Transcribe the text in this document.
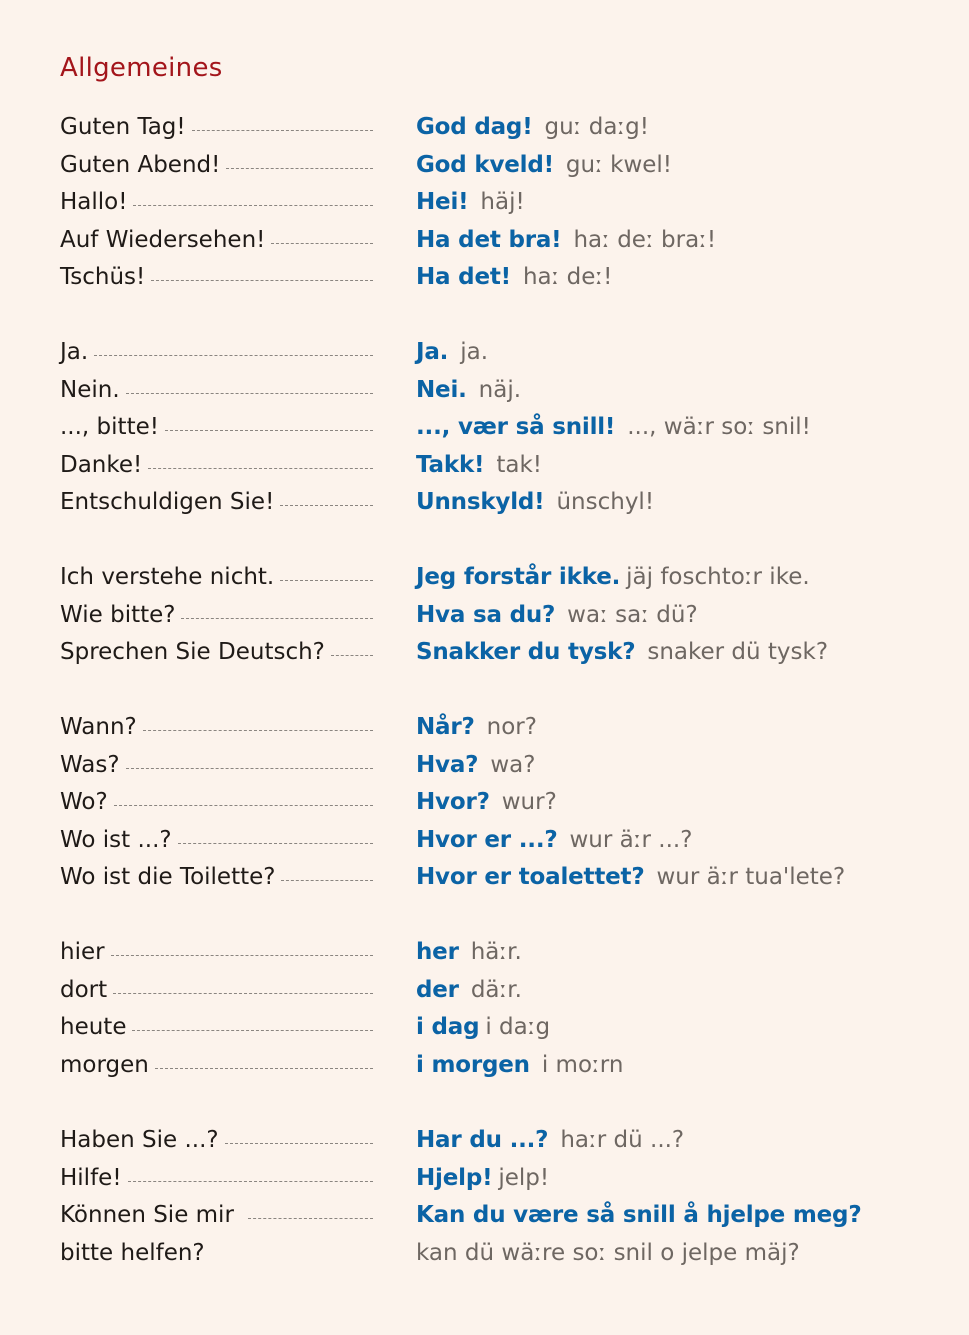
Allgemeines
Guten Tag!	God dag! guː daːg!
Guten Abend!	God kveld! guː kwel!
Hallo!	Hei! häj!
Auf Wiedersehen!	Ha det bra! haː deː braː!
Tschüs!	Ha det! haː deː!
Ja.	Ja. ja.
Nein.	Nei. näj.
..., bitte!	..., vær så snill! ..., wäːr soː snil!
Danke!	Takk! tak!
Entschuldigen Sie!	Unnskyld! ünschyl!
Ich verstehe nicht.	Jeg forstår ikke. jäj foschtoːr ike.
Wie bitte?	Hva sa du? waː saː dü?
Sprechen Sie Deutsch?	Snakker du tysk? snaker dü tysk?
Wann?	Når? nor?
Was?	Hva? wa?
Wo?	Hvor? wur?
Wo ist ...?	Hvor er ...? wur äːr ...?
Wo ist die Toilette?	Hvor er toalettet? wur äːr tua'lete?
hier	her häːr.
dort	der däːr.
heute	i dag i daːg
morgen	i morgen i moːrn
Haben Sie ...?	Har du ...? haːr dü ...?
Hilfe!	Hjelp! jelp!
Können Sie mir	Kan du være så snill å hjelpe meg?
bitte helfen?	kan dü wäːre soː snil o jelpe mäj?
